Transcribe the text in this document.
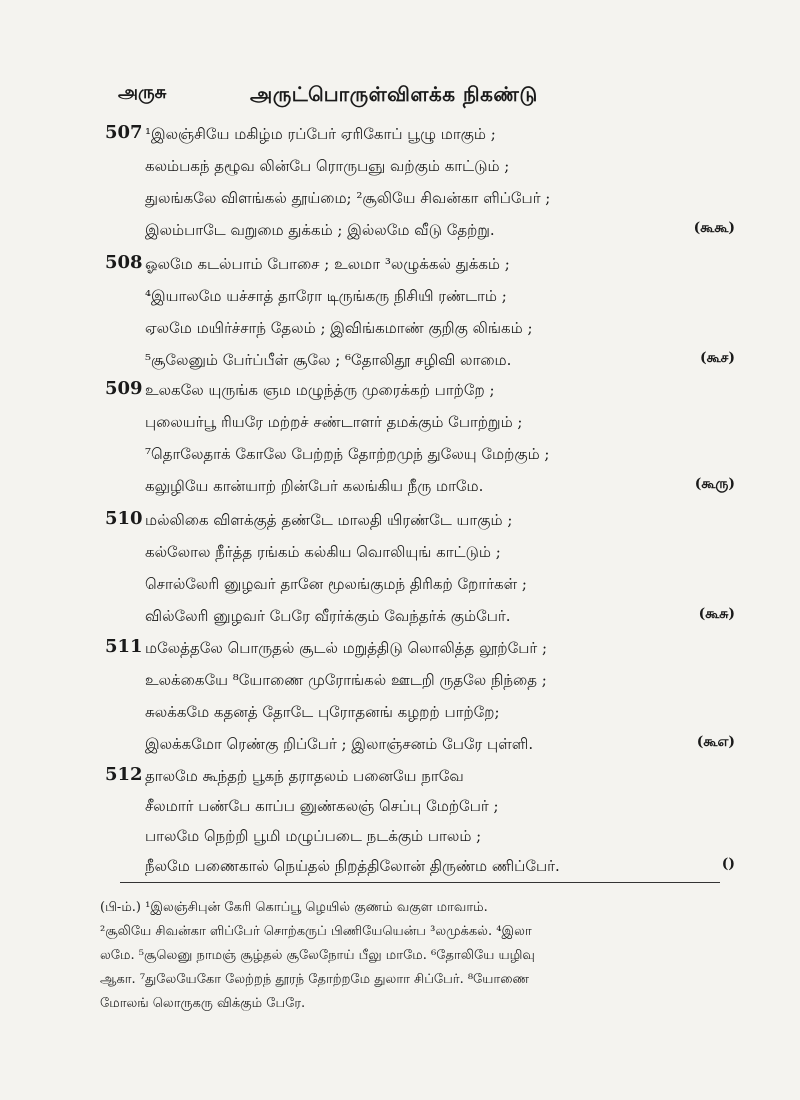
அருசு	அருட்பொருள்விளக்க நிகண்டு
507 ¹இலஞ்சியே மகிழ்ம ரப்பேர் ஏரிகோப் பூழு மாகும் ;
கலம்பகந் தழூவ லின்பே ரொருபஞு வற்கும் காட்டும் ;
துலங்கலே விளங்கல் தூய்மை; ²சூலியே சிவன்கா ளிப்பேர் ;
இலம்பாடே வறுமை துக்கம் ; இல்லமே வீடு தேற்று.	(கூகூ)
508 ஓலமே கடல்பாம் போசை ; உலமா ³லழுக்கல் துக்கம் ;
⁴இயாலமே யச்சாத் தாரோ டிருங்கரு நிசியி ரண்டாம் ;
ஏலமே மயிர்ச்சாந் தேலம் ; இவிங்கமாண் குறிகு லிங்கம் ;
⁵சூலேனும் பேர்ப்பீள் சூலே ; ⁶தோலிதூ சழிவி லாமை.	(கூச)
509 உலகலே யுருங்க ஞம மழுந்த்ரு முரைக்கற் பாற்றே ;
புலையர்பூ ரியரே மற்றச் சண்டாளர் தமக்கும் போற்றும் ;
⁷தொலேதாக் கோலே பேற்றந் தோற்றமுந் துலேயு மேற்கும் ;
கலுழியே கான்யாற் றின்பேர் கலங்கிய நீரு மாமே.	(கூரு)
510 மல்லிகை விளக்குத் தண்டே மாலதி யிரண்டே யாகும் ;
கல்லோல நீர்த்த ரங்கம் கல்கிய வொலியுங் காட்டும் ;
சொல்லேரி னுழவர் தானே மூலங்குமந் திரிகற் றோர்கள் ;
வில்லேரி னுழவர் பேரே வீரர்க்கும் வேந்தர்க் கும்பேர்.	(கூசு)
511 மலேத்தலே பொருதல் சூடல் மறுத்திடு லொலித்த லூற்பேர் ;
உலக்கையே ⁸யோணை முரோங்கல் ஊடறி ருதலே நிந்தை ;
சுலக்கமே கதனத் தோடே புரோதனங் கழறற் பாற்றே;
இலக்கமோ ரெண்கு றிப்பேர் ; இலாஞ்சனம் பேரே புள்ளி.	(கூஎ)
512 தாலமே கூந்தற் பூகந் தராதலம் பனையே நாவே
சீலமார் பண்பே காப்ப னுண்கலஞ் செப்பு மேற்பேர் ;
பாலமே நெற்றி பூமி மழுப்படை நடக்கும் பாலம் ;
நீலமே பணைகால் நெய்தல் நிறத்திலோன் திருண்ம ணிப்பேர்.	()
(பி-ம்.) ¹இலஞ்சிபுன் கேரி கொப்பூ ழெயில் குணம் வகுள மாவாம்.
²சூலியே சிவன்கா ளிப்பேர் சொற்கருப் பிணியேயென்ப ³லமுக்கல். ⁴இலா
லமே. ⁵சூலெனு நாமஞ் சூழ்தல் சூலேநோய் பீலு மாமே. ⁶தோலியே யழிவு
ஆகா. ⁷துலேயேகோ லேற்றந் தூரந் தோற்றமே துலாா சிப்பேர். ⁸யோணை
மோலங் லொருகரு விக்கும் பேரே.
